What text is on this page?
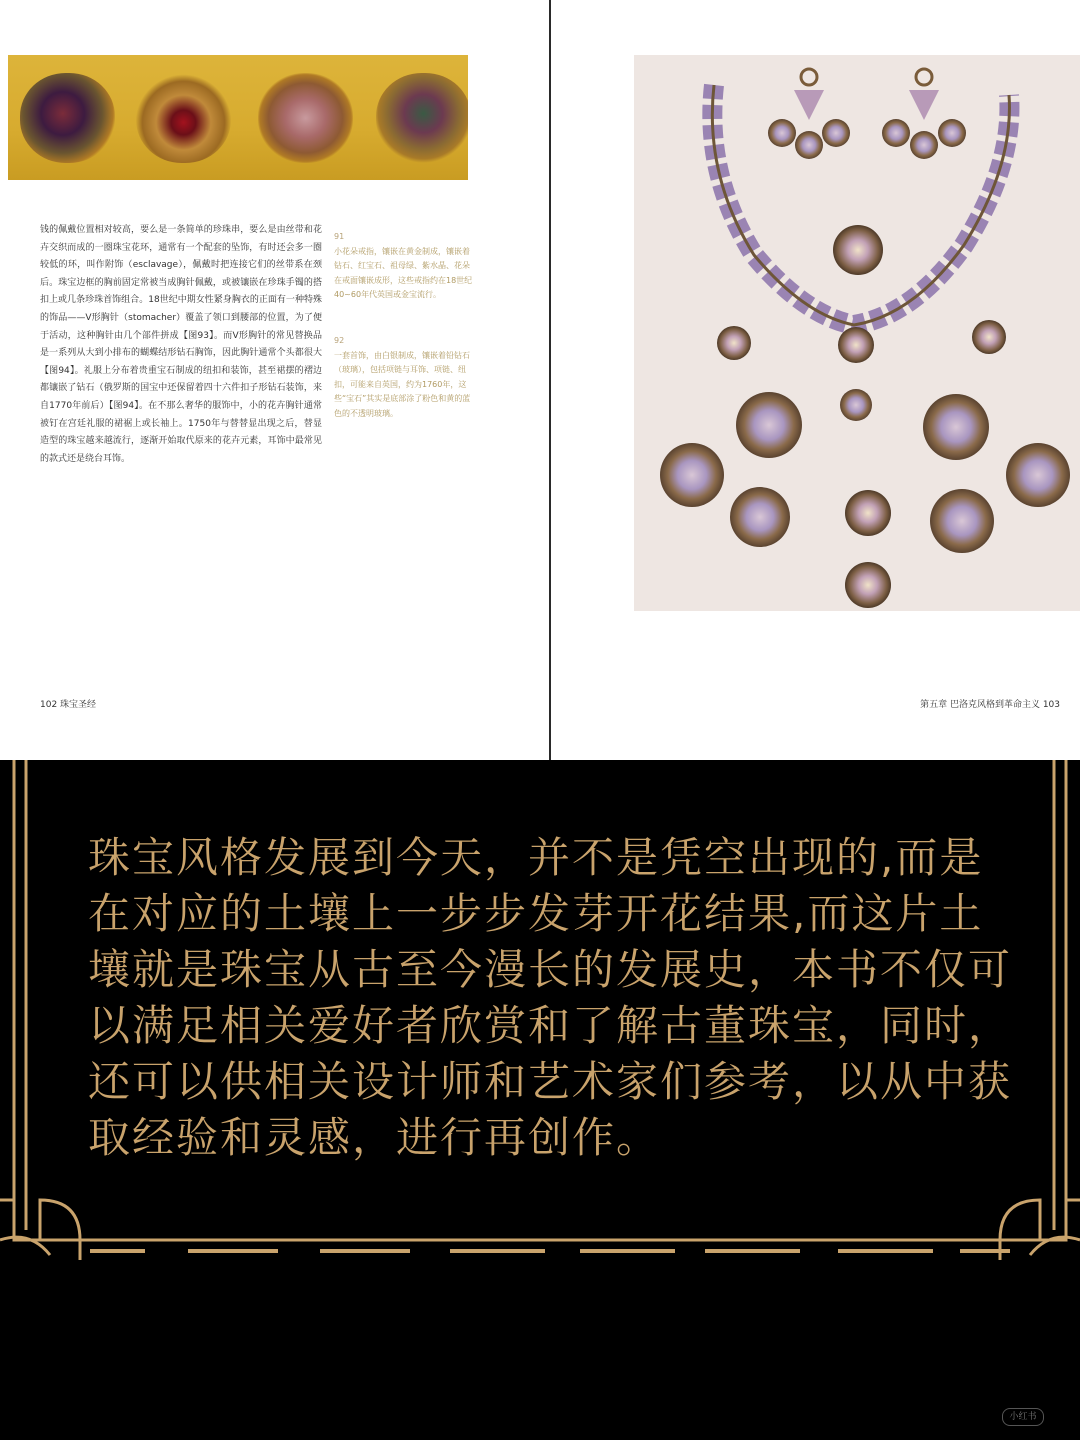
钱的佩戴位置相对较高，要么是一条简单的珍珠串，要么是由丝带和花卉交织而成的一圈珠宝花环，通常有一个配套的坠饰，有时还会多一圈较低的环，叫作附饰（esclavage），佩戴时把连接它们的丝带系在颈后。珠宝边框的胸前固定常被当成胸针佩戴，或被镶嵌在珍珠手镯的搭扣上或几条珍珠首饰组合。18世纪中期女性紧身胸衣的正面有一种特殊的饰品——V形胸针（stomacher）覆盖了领口到腰部的位置，为了便于活动，这种胸针由几个部件拼成【图93】。而V形胸针的常见替换品是一系列从大到小排布的蝴蝶结形钻石胸饰，因此胸针通常个头都很大【图94】。礼服上分布着贵重宝石制成的纽扣和装饰，甚至裙摆的褶边都镶嵌了钻石（俄罗斯的国宝中还保留着四十六件扣子形钻石装饰，来自1770年前后）【图94】。在不那么奢华的服饰中，小的花卉胸针通常被钉在宫廷礼服的裙裾上或长袖上。1750年与替替显出现之后，替显造型的珠宝越来越流行，逐渐开始取代原来的花卉元素，耳饰中最常见的款式还是绕台耳饰。

91
小花朵戒指，镶嵌在黄金制成，镶嵌着钻石、红宝石、祖母绿、紫水晶、花朵在戒面镶嵌成形，这些戒指约在18世纪40~60年代英国或金宝流行。

92
一套首饰，由白银制成，镶嵌着铅钻石（玻璃），包括项链与耳饰、项链、纽扣，可能来自英国，约为1760年，这些“宝石”其实是底部涂了粉色和黄的蓝色的不透明玻璃。

102 珠宝圣经	第五章 巴洛克风格到革命主义 103

珠宝风格发展到今天，并不是凭空出现的,而是在对应的土壤上一步步发芽开花结果,而这片土壤就是珠宝从古至今漫长的发展史，本书不仅可以满足相关爱好者欣赏和了解古董珠宝，同时，还可以供相关设计师和艺术家们参考，以从中获取经验和灵感，进行再创作。

小红书
